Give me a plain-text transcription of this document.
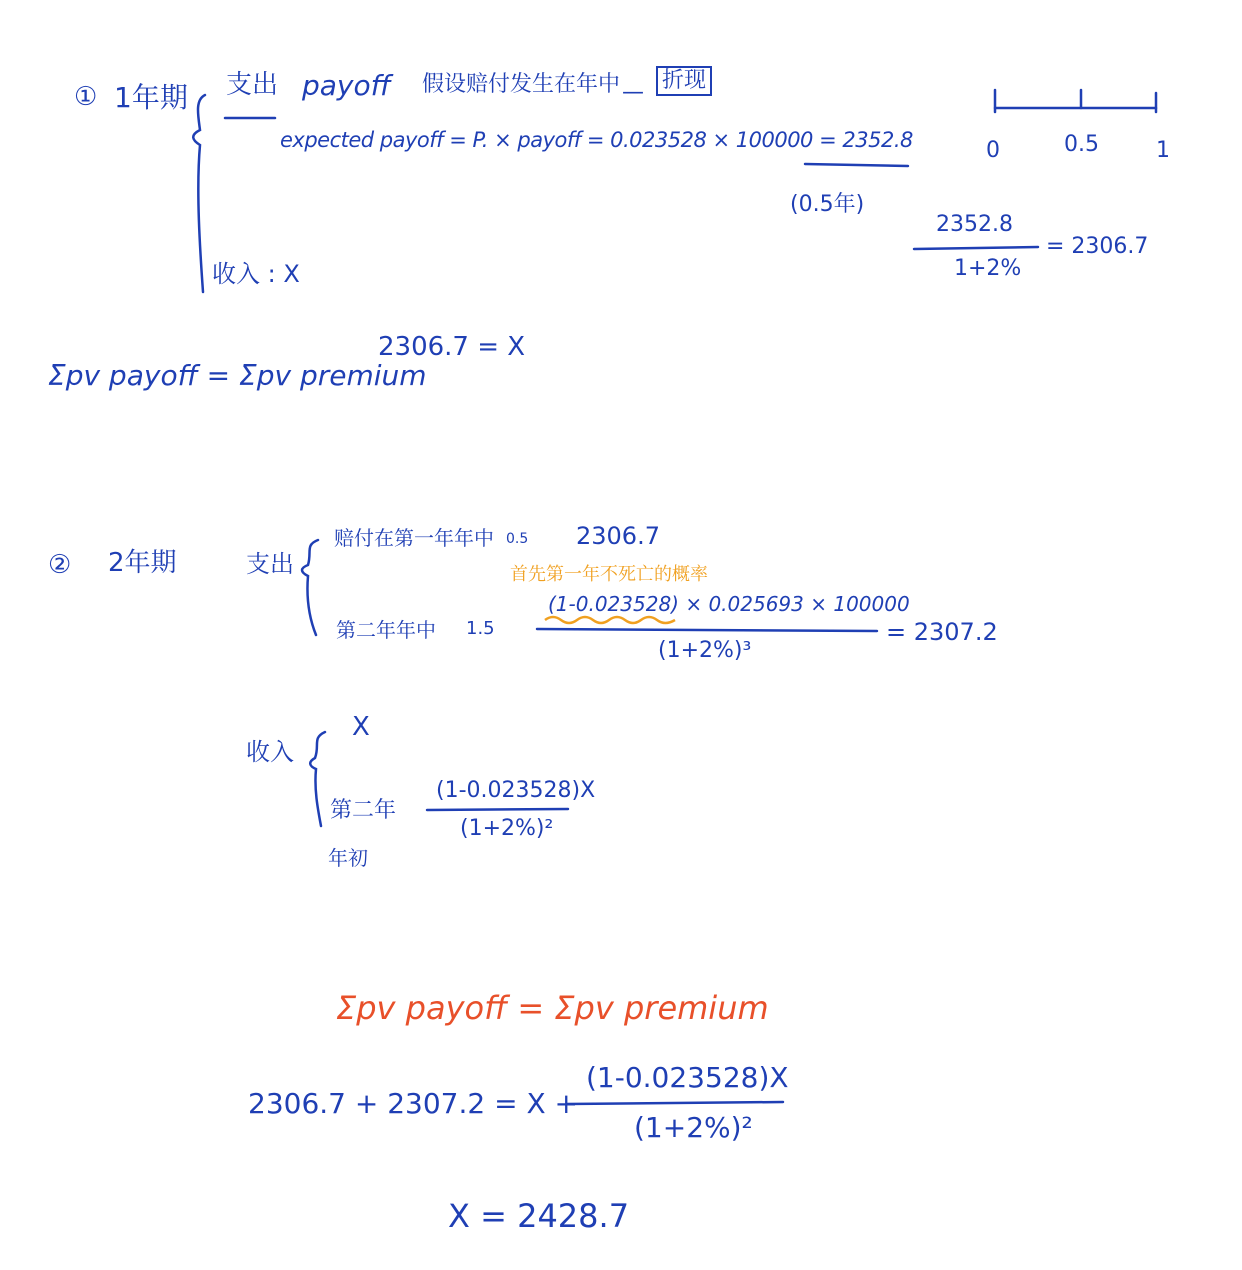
① 1年期 支出 payoff 假设赔付发生在年中 — 折现
expected payoff = P. × payoff = 0.023528 × 100000 = 2352.8
(0.5年)
收入 : X
0	0.5	1
2352.8
1+2%
= 2306.7
Σpv payoff = Σpv premium
2306.7 = X
② 2年期	支出
赔付在第一年年中 0.5 2306.7
首先第一年不死亡的概率
(1-0.023528) × 0.025693 × 100000
第二年年中 1.5
(1+2%)³
= 2307.2
收入
X
第二年
年初
(1-0.023528)X
(1+2%)²
Σpv payoff = Σpv premium
2306.7 + 2307.2 = X +
(1-0.023528)X
(1+2%)²
X = 2428.7
